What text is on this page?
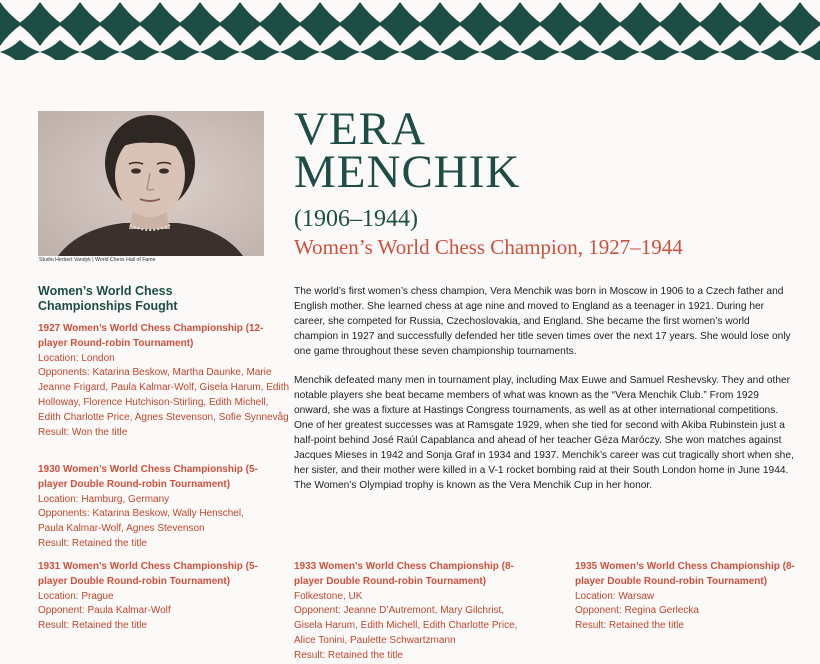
Studio Herbert Vandyk | World Chess Hall of Fame
VERA
MENCHIK
(1906–1944)
Women’s World Chess Champion, 1927–1944

The world’s first women’s chess champion, Vera Menchik was born in Moscow in 1906 to a Czech father and English mother. She learned chess at age nine and moved to England as a teenager in 1921. During her career, she competed for Russia, Czechoslovakia, and England. She became the first women’s world champion in 1927 and successfully defended her title seven times over the next 17 years. She would lose only one game throughout these seven championship tournaments.

Menchik defeated many men in tournament play, including Max Euwe and Samuel Reshevsky. They and other notable players she beat became members of what was known as the “Vera Menchik Club.” From 1929 onward, she was a fixture at Hastings Congress tournaments, as well as at other international competitions. One of her greatest successes was at Ramsgate 1929, when she tied for second with Akiba Rubinstein just a half-point behind José Raúl Capablanca and ahead of her teacher Géza Maróczy. She won matches against Jacques Mieses in 1942 and Sonja Graf in 1934 and 1937. Menchik’s career was cut tragically short when she, her sister, and their mother were killed in a V-1 rocket bombing raid at their South London home in June 1944. The Women’s Olympiad trophy is known as the Vera Menchik Cup in her honor.

Women’s World Chess Championships Fought
1927 Women’s World Chess Championship (12-player Round-robin Tournament)
Location: London
Opponents: Katarina Beskow, Martha Daunke, Marie Jeanne Frigard, Paula Kalmar-Wolf, Gisela Harum, Edith Holloway, Florence Hutchison-Stirling, Edith Michell, Edith Charlotte Price, Agnes Stevenson, Sofie Synnevåg
Result: Won the title
1930 Women’s World Chess Championship (5-player Double Round-robin Tournament)
Location: Hamburg, Germany
Opponents: Katarina Beskow, Wally Henschel, Paula Kalmar-Wolf, Agnes Stevenson
Result: Retained the title
1931 Women’s World Chess Championship (5-player Double Round-robin Tournament)
Location: Prague
Opponent: Paula Kalmar-Wolf
Result: Retained the title
1933 Women’s World Chess Championship (8-player Double Round-robin Tournament)
Folkestone, UK
Opponent: Jeanne D’Autremont, Mary Gilchrist, Gisela Harum, Edith Michell, Edith Charlotte Price, Alice Tonini, Paulette Schwartzmann
Result: Retained the title
1935 Women’s World Chess Championship (8-player Double Round-robin Tournament)
Location: Warsaw
Opponent: Regina Gerlecka
Result: Retained the title
